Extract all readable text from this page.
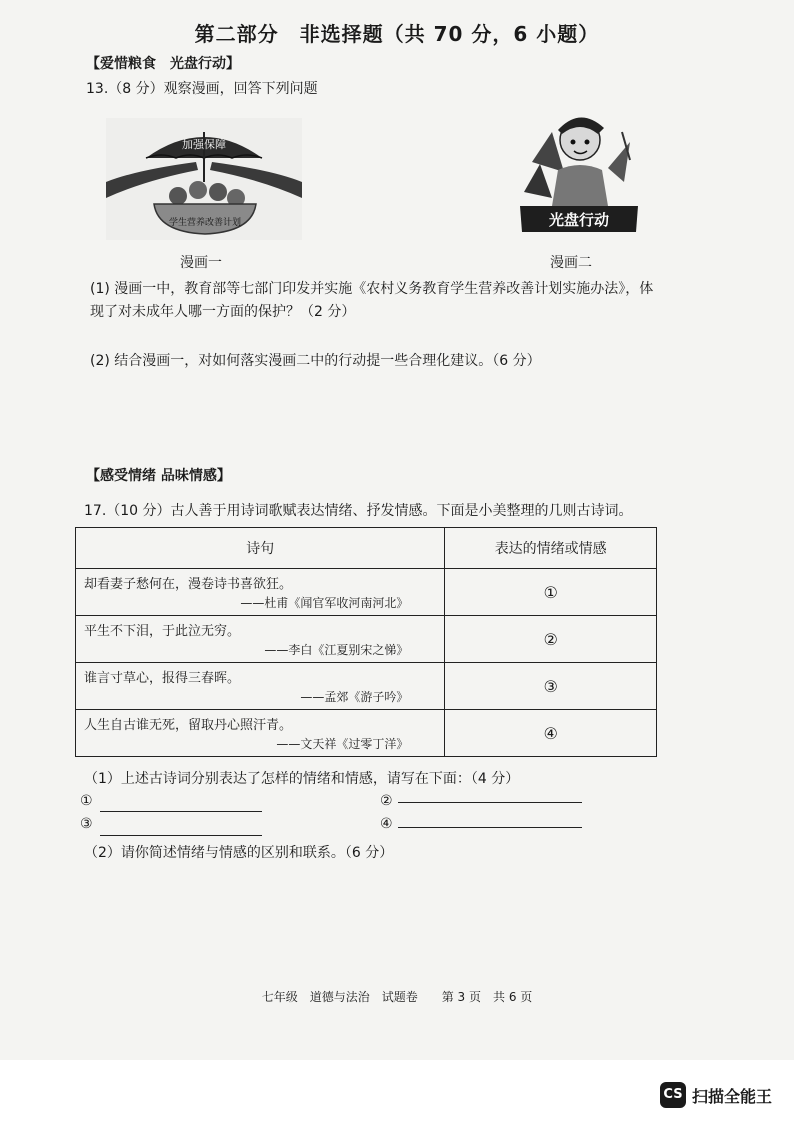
第二部分　非选择题（共 70 分，6 小题）
【爱惜粮食　光盘行动】
13.（8 分）观察漫画，回答下列问题
加强保障
学生营养改善计划
漫画一
光盘行动
漫画二
(1) 漫画一中，教育部等七部门印发并实施《农村义务教育学生营养改善计划实施办法》，体
现了对未成年人哪一方面的保护？（2 分）
(2) 结合漫画一，对如何落实漫画二中的行动提一些合理化建议。（6 分）
【感受情绪 品味情感】
17.（10 分）古人善于用诗词歌赋表达情绪、抒发情感。下面是小美整理的几则古诗词。
诗句	表达的情绪或情感

却看妻子愁何在，漫卷诗书喜欲狂。
——杜甫《闻官军收河南河北》	①

平生不下泪，于此泣无穷。
——李白《江夏别宋之悌》	②

谁言寸草心，报得三春晖。
——孟郊《游子吟》	③

人生自古谁无死，留取丹心照汗青。
——文天祥《过零丁洋》	④
（1）上述古诗词分别表达了怎样的情绪和情感，请写在下面：（4 分）
①	②
③	④
（2）请你简述情绪与情感的区别和联系。（6 分）
七年级　道德与法治　试题卷　　第 3 页　共 6 页
CS 扫描全能王
